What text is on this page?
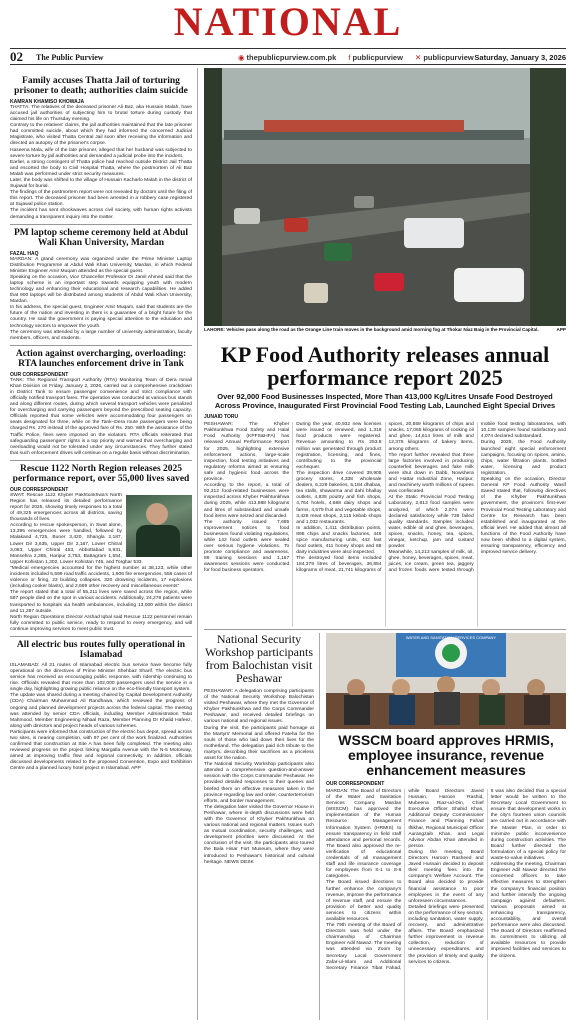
NATIONAL
02 The Public Purview	◉ thepublicpurview.com.pk f publicpurview ✕ publicpurview Saturday, January 3, 2026
Family accuses Thatta Jail of torturing prisoner to death; authorities claim suicide
KAMRAN KHAMISO KHOWAJA

THATTA: The relatives of the deceased prisoner Ali Baz, aka Hussain Malah, have accused jail authorities of subjecting him to brutal torture during custody that claimed his life on Thursday evening.

Contrary to the relatives' claims, the jail authorities maintained that the late prisoner had committed suicide, about which they had informed the concerned Judicial Magistrate, who visited Thatta Central Jail soon after receiving the information and directed an autopsy of the prisoner's corpse.

Haseena Mala, wife of the late prisoner, alleged that her husband was subjected to severe torture by jail authorities and demanded a judicial probe into the incident.

Earlier, a strong contingent of Thatta police had reached outside District Jail Thatta and escorted the body to Civil Hospital Thatta, where the postmortem of Ali Baz Malah was performed under strict security measures.

Later, the body was shifted to the village of Hussain Kacharlo Malah in the district of Sujawal for burial.

The findings of the postmortem report were not revealed by doctors until the filing of this report. The deceased prisoner had been arrested in a robbery case registered at Sujawal police station.

The incident has sent shockwaves across civil society, with human rights activists demanding a transparent inquiry into the matter.

PM laptop scheme ceremony held at Abdul Wali Khan University, Mardan
FAZAL HAQ

MARDAN: A grand ceremony was organized under the Prime Minister Laptop Distribution Programme at Abdul Wali Khan University, Mardan, in which Federal Minister Engineer Amir Muqam attended as the special guest.

Speaking on the occasion, Vice Chancellor Professor Dr Jamil Ahmed said that the laptop scheme is an important step towards equipping youth with modern technology and enhancing their educational and research capabilities. He added that 900 laptops will be distributed among students of Abdul Wali Khan University, Mardan.

In his address, the special guest, Engineer Amir Muqam, said that students are the future of the nation and investing in them is a guarantee of a bright future for the country. He said the government is paying special attention to the education and technology sectors to empower the youth.

The ceremony was attended by a large number of university administration, faculty members, officers, and students.

Action against overcharging, overloading: RTA launches enforcement drive in Tank
OUR CORRESPONDENT

TANK: The Regional Transport Authority (RTA) Monitoring Team of Dera Ismail Khan Division on Friday, January 2, 2026, carried out a comprehensive crackdown in District Tank to ensure passenger convenience and strict compliance with officially notified transport fares. The operation was conducted at various bus stands and along different routes, during which several transport vehicles were penalized for overcharging and carrying passengers beyond the prescribed seating capacity. Officials reported that some vehicles were accommodating four passengers on seats designated for three, while on the Tank–Dera route passengers were being charged Rs. 270 instead of the approved fare of Rs. 250. With the assistance of the Traffic Police, fines were imposed on the violators. RTA officials reiterated that safeguarding passengers' rights is a top priority and warned that overcharging and overloading would not be tolerated under any circumstances. They further stated that such enforcement drives will continue on a regular basis without discrimination.

Rescue 1122 North Region releases 2025 performance report, over 55,000 lives saved
OUR CORRESPONDENT

SWAT: Rescue 1122 Khyber Pakhtunkhwa's North Region has released its detailed performance report for 2025, showing timely responses to a total of 49,325 emergencies across all districts, saving thousands of lives.

According to rescue spokesperson, in Swat alone, 13,395 emergencies were handled, followed by Malakand 4,725, Buner 3,420, Shangla 2,187, Lower Dir 3,635, Upper Dir 2,187, Lower Chitral 3,063, Upper Chitral 453, Abbottabad 5,931, Mansehra 2,365, Haripur 3,753, Battagram 1,554, Upper Kohistan 1,302, Lower Kohistan 745, and Torghar 533.

"Medical emergencies accounted for the highest number at 38,123, while other incidents included 5,599 road traffic accidents, 1,906 fire emergencies, 556 cases of violence or firing, 23 building collapses, 320 drowning incidents, 17 explosions (including cooker blasts), and 2,669 other recovery and miscellaneous events"

The report stated that a total of 55,211 lives were saved across the region, while 597 people died on the spot in various accidents. Additionally, 24,278 patients were transported to hospitals via health ambulances, including 13,000 within the district and 11,297 outside.

North Region Operations Director Arshad Iqbal said Rescue 1122 personnel remain fully committed to public service, ready to respond to every emergency, and will continue improving services to meet public trust.

All electric bus routes fully operational in Islamabad

ISLAMABAD: All 21 routes of Islamabad electric bus service have become fully operational on the directives of Prime Minister Shehbaz Sharif. The electric bus service has received an encouraging public response, with ridership continuing to rise. Officials revealed that more than 102,000 passengers used the service in a single day, highlighting growing public reliance on the eco-friendly transport system.

The update was shared during a meeting chaired by Capital Development Authority (CDA) Chairman Muhammad Ali Randhawa, which reviewed the progress of ongoing and planned development projects across the federal capital. The meeting was attended by senior CDA officials, including Member Administration Talat Mahmood, Member Engineering Nihaal Raza, Member Planning Dr Khalid Hafeez, along with directors and project heads of various schemes.

Participants were informed that construction of the electric bus depot, spread across two sites, is nearing completion, with 97 per cent of the work finalized. Authorities confirmed that construction at Site A has been fully completed. The meeting also reviewed progress on the project linking Margalla Avenue with the N-5 Motorway, aimed at improving traffic flow and regional connectivity. In addition, officials discussed developments related to the proposed Convention, Expo and Exhibition Centre and a planned luxury hotel project in Islamabad. APP

LAHORE: Vehicles pass along the road as the Orange Line train moves in the background amid morning fog at Thokar Niaz Baig in the Provincial Capital.	APP
KP Food Authority releases annual performance report 2025
Over 92,000 Food Businesses Inspected, More Than 413,000 Kg/Litres Unsafe Food Destroyed Across Province, Inaugurated First Provincial Food Testing Lab, Launched Eight Special Drives
JUNAID TORU

PESHAWAR: The Khyber Pakhtunkhwa Food Safety and Halal Food Authority (KPFS&HFA) has released Annual Performance Report for 2025, highlighting extensive enforcement actions, large-scale inspection, food testing initiatives and regulatory reforms aimed at ensuring safe and hygienic food across the province.

According to the report, a total of 92,312 food-related businesses were inspected across Khyber Pakhtunkhwa during 2025, while 413,888 kilograms and litres of substandard and unsafe food items were seized and discarded.

The authority issued 7,685 improvement notices to food businesses found violating regulations, while 142 food outlets were sealed over serious hygiene violations. To promote compliance and awareness, 89 training sessions and 1,167 awareness sessions were conducted for food business operators.

During the year, 40,932 new licenses were issued or renewed, and 1,318 food products were registered. Revenue amounting to Rs 253.8 million was generated through product registration, licensing, and fines, contributing to the provincial exchequer.

The inspection drive covered 39,905 grocery stores, 4,338 wholesale dealers, 6,228 bakeries, 5,184 dhabas, tea stalls, shawarma and dahi bhallay outlets, 4,835 poultry and fish shops, 4,764 hotels, 4,688 dairy shops and farms, 4,579 fruit and vegetable shops, 3,426 meat shops, 2,115 kebab shops and 1,032 restaurants.

In addition, 1,411 distribution points, 895 chips and snacks factories, 446 spice manufacturing units, 442 fast food outlets, 411 honey shops and 68 dairy industries were also inspected.

The destroyed food items included 184,379 litres of beverages, 36,854 kilograms of meat, 21,741 kilograms of spices, 20,559 kilograms of chips and snacks, 17,065 kilograms of cooking oil and ghee, 14,614 litres of milk and 12,376 kilograms of bakery items, among others.

The report further revealed that three large factories involved in producing counterfeit beverages and fake milk were shut down in Dabb, Nowshera and Hattar Industrial Zone, Haripur, and machinery worth millions of rupees was confiscated.

At the Static Provincial Food Testing Laboratory, 2,813 food samples were analyzed, of which 2,074 were declared satisfactory while 738 failed quality standards. Samples included water, edible oil and ghee, beverages, spices, snacks, honey, tea, spices, vinegar, ketchup, jam and custard powder.

Meanwhile, 14,213 samples of milk, oil, ghee, honey, beverages, spices, meat, juices, ice cream, green tea, jaggery and frozen foods were tested through mobile food testing laboratories, with 10,139 samples found satisfactory and 4,074 declared substandard.

During 2025, the Food Authority launched eight special enforcement campaigns, focusing on spices, amino, chips, water filtration plants, bottled water, licensing and product registration.

Speaking on the occasion, Director General KP Food Authority Wasif Saeed stated that, following directives of the Khyber Pakhtunkhwa government, the province's first-ever Provincial Food Testing Laboratory and Centre for Research has been established and inaugurated at the official level. He added that almost all functions of the Food Authority have now been shifted to a digital system, ensuring transparency, efficiency and improved service delivery.

National Security Workshop participants from Balochistan visit Peshawar

PESHAWAR: A delegation comprising participants of the National Security Workshop Balochistan visited Peshawar, where they met the Governor of Khyber Pakhtunkhwa and the Corps Commander Peshawar, and received detailed briefings on various national and regional issues.

During the visit, the participants paid homage at the Martyrs' Memorial and offered Fateha for the souls of those who laid down their lives for the motherland. The delegation paid rich tribute to the martyrs, describing their sacrifices as a priceless asset for the nation.

The National Security Workshop participants also attended a comprehensive question-and-answer session with the Corps Commander Peshawar. He provided detailed responses to their queries and briefed them on effective measures taken in the province regarding law and order, counterterrorism efforts, and border management.

The delegation later visited the Governor House in Peshawar, where in-depth discussions were held with the Governor of Khyber Pakhtunkhwa on various national and regional matters. Issues such as mutual coordination, security challenges, and development priorities were discussed. At the conclusion of the visit, the participants also toured the Bala Hisar Fort Museum, where they were introduced to Peshawar's historical and cultural heritage. NEWS DESK

WATER AND SANITATION SERVICES COMPANY MARDAN
WSSCM board approves HRMIS, employee insurance, revenue enhancement measures
OUR CORRESPONDENT

MARDAN: The Board of Directors of the Water and Sanitation Services Company Mardan (WSSCM) has approved the implementation of the Human Resource Management Information System (HRMIS) to ensure transparency in field staff attendance and personal records. The Board also approved the re-verification of educational credentials of all management staff and life insurance coverage for employees from S-1 to S-6 categories.

The Board issued directions to further enhance the company's revenue, improve the performance of revenue staff, and ensure the provision of better and quality services to citizens within available resources.

The 79th meeting of the Board of Directors was held under the chairmanship of Chairman Engineer Adil Nawaz. The meeting was attended via Zoom by Secretary Local Government Zafar-ul-Islam and Additional Secretary Finance Tibat Fahad, while Board Directors Javed Hussain, Haroon Rashid, Mubeena Riaz-ud-Din, Chief Executive Officer Shahid Khan, Additional Deputy Commissioner Finance and Planning Fahad Iftikhar, Regional Municipal Officer Aurangzaib Khan, and Legal Advisor Abdan Khan attended in person.

During the meeting, Board Directors Haroon Rasheed and Javed Hussain decided to deposit their meeting fees into the company's Welfare Account. The Board also decided to provide financial assistance to poor employees in the event of any unforeseen circumstances.

Detailed briefings were presented on the performance of key sectors, including sanitation, water supply, recovery, and administrative affairs. The Board emphasized further improvement in revenue collection, reduction of unnecessary expenditures, and the provision of timely and quality services to citizens.

It was also decided that a special letter would be written to the Secretary Local Government to ensure that development works in the city's fourteen union councils are carried out in accordance with the Master Plan, in order to minimize public inconvenience during construction activities. The Board further directed the formulation of a special policy for waste-to-value initiatives.

Addressing the meeting, Chairman Engineer Adil Nawaz directed the concerned officers to take effective measures to strengthen the company's financial position and further intensify the ongoing campaign against defaulters. Various proposals aimed at enhancing transparency, accountability, and overall performance were also discussed. The Board of Directors reaffirmed its commitment to utilizing all available resources to provide improved facilities and services to the citizens.
